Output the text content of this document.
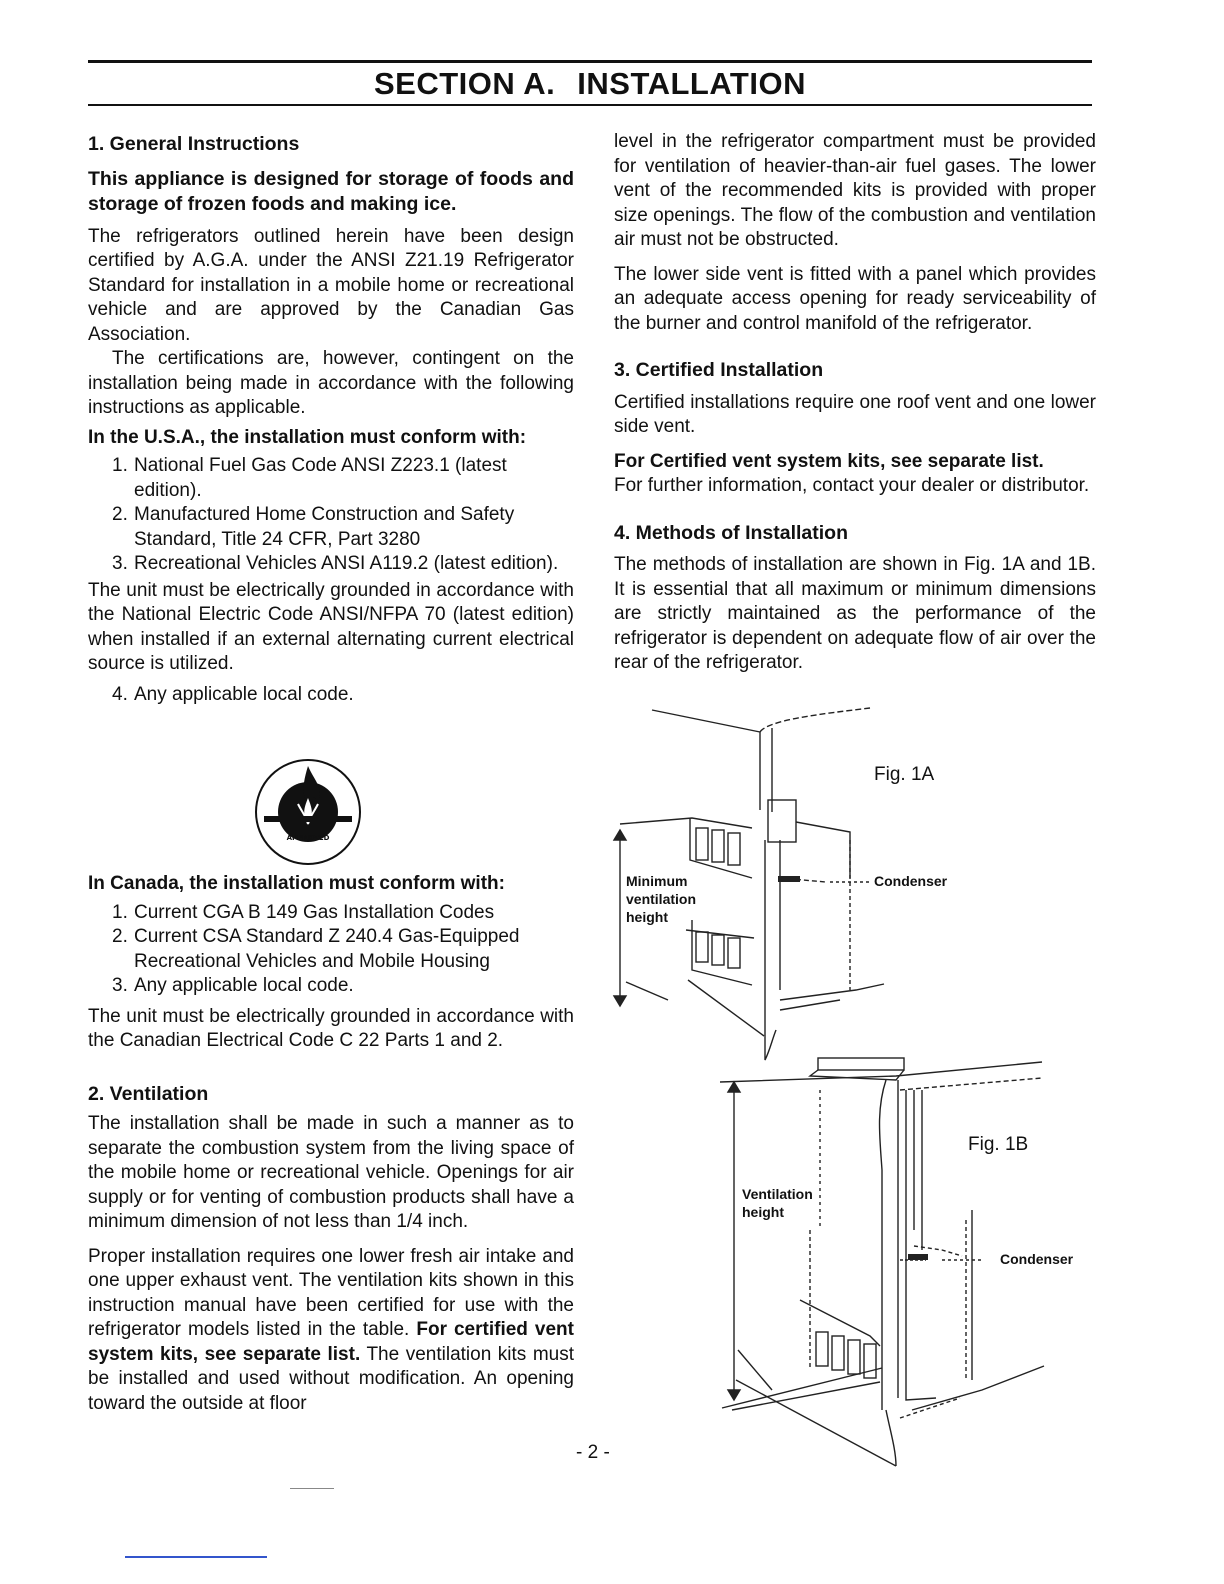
SECTION A. INSTALLATION
1. General Instructions

This appliance is designed for storage of foods and storage of frozen foods and making ice.

The refrigerators outlined herein have been design certified by A.G.A. under the ANSI Z21.19 Refrigerator Standard for installation in a mobile home or recreational vehicle and are approved by the Canadian Gas Association.

The certifications are, however, contingent on the installation being made in accordance with the following instructions as applicable.

In the U.S.A., the installation must conform with:

1. National Fuel Gas Code ANSI Z223.1 (latest edition).
2. Manufactured Home Construction and Safety Standard, Title 24 CFR, Part 3280
3. Recreational Vehicles ANSI A119.2 (latest edition).

The unit must be electrically grounded in accordance with the National Electric Code ANSI/NFPA 70 (latest edition) when installed if an external alternating current electrical source is utilized.

4. Any applicable local code.
APPROVED

In Canada, the installation must conform with:

1. Current CGA B 149 Gas Installation Codes
2. Current CSA Standard Z 240.4 Gas-Equipped Recreational Vehicles and Mobile Housing
3. Any applicable local code.

The unit must be electrically grounded in accordance with the Canadian Electrical Code C 22 Parts 1 and 2.

2. Ventilation

The installation shall be made in such a manner as to separate the combustion system from the living space of the mobile home or recreational vehicle. Openings for air supply or for venting of combustion products shall have a minimum dimension of not less than 1/4 inch.

Proper installation requires one lower fresh air intake and one upper exhaust vent. The ventilation kits shown in this instruction manual have been certified for use with the refrigerator models listed in the table. For certified vent system kits, see separate list. The ventilation kits must be installed and used without modification. An opening toward the outside at floor

level in the refrigerator compartment must be provided for ventilation of heavier-than-air fuel gases. The lower vent of the recommended kits is provided with proper size openings. The flow of the combustion and ventilation air must not be obstructed.

The lower side vent is fitted with a panel which provides an adequate access opening for ready serviceability of the burner and control manifold of the refrigerator.

3. Certified Installation

Certified installations require one roof vent and one lower side vent.

For Certified vent system kits, see separate list.

For further information, contact your dealer or distributor.

4. Methods of Installation

The methods of installation are shown in Fig. 1A and 1B. It is essential that all maximum or minimum dimensions are strictly maintained as the performance of the refrigerator is dependent on adequate flow of air over the rear of the refrigerator.

Fig. 1A
Minimum
ventilation
height
Condenser
Fig. 1B
Ventilation
height
Condenser
- 2 -
